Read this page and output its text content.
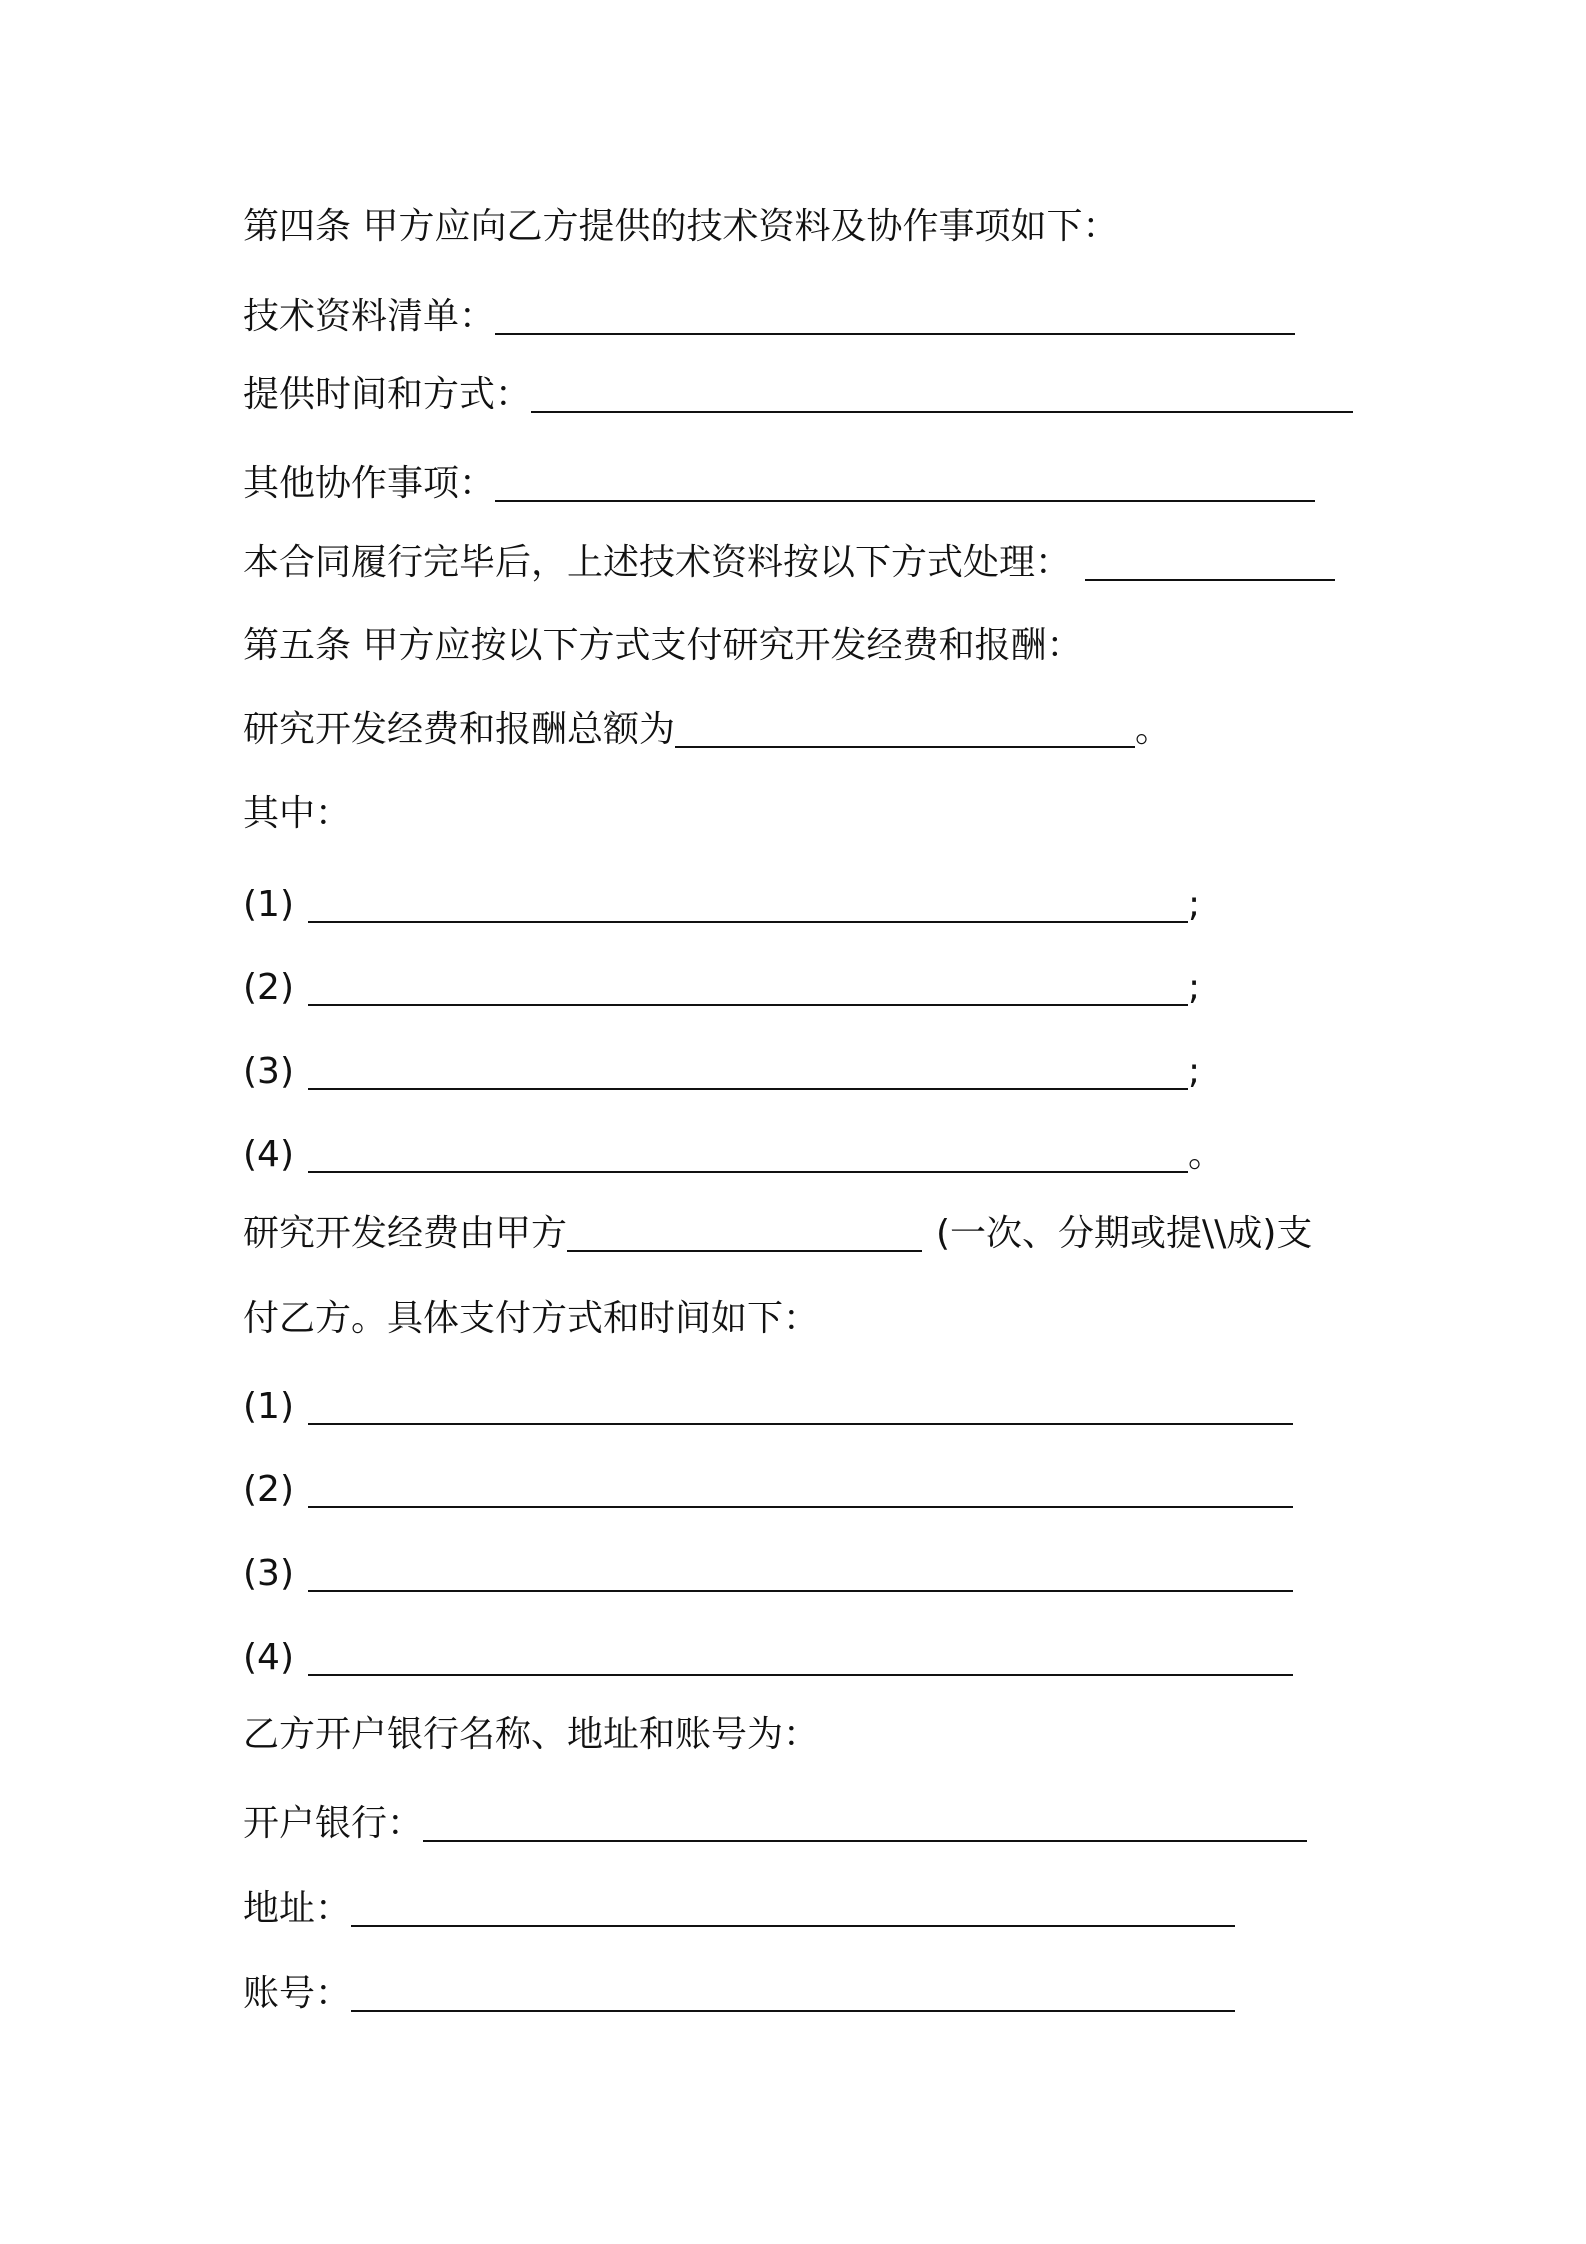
第四条 甲方应向乙方提供的技术资料及协作事项如下：
技术资料清单：
提供时间和方式：
其他协作事项：
本合同履行完毕后，上述技术资料按以下方式处理：
第五条 甲方应按以下方式支付研究开发经费和报酬：
研究开发经费和报酬总额为	。
其中：
(1)	;
(2)	;
(3)	;
(4)	。
研究开发经费由甲方	(一次、分期或提\\成)支
付乙方。具体支付方式和时间如下：
(1)
(2)
(3)
(4)
乙方开户银行名称、地址和账号为：
开户银行：
地址：
账号：
